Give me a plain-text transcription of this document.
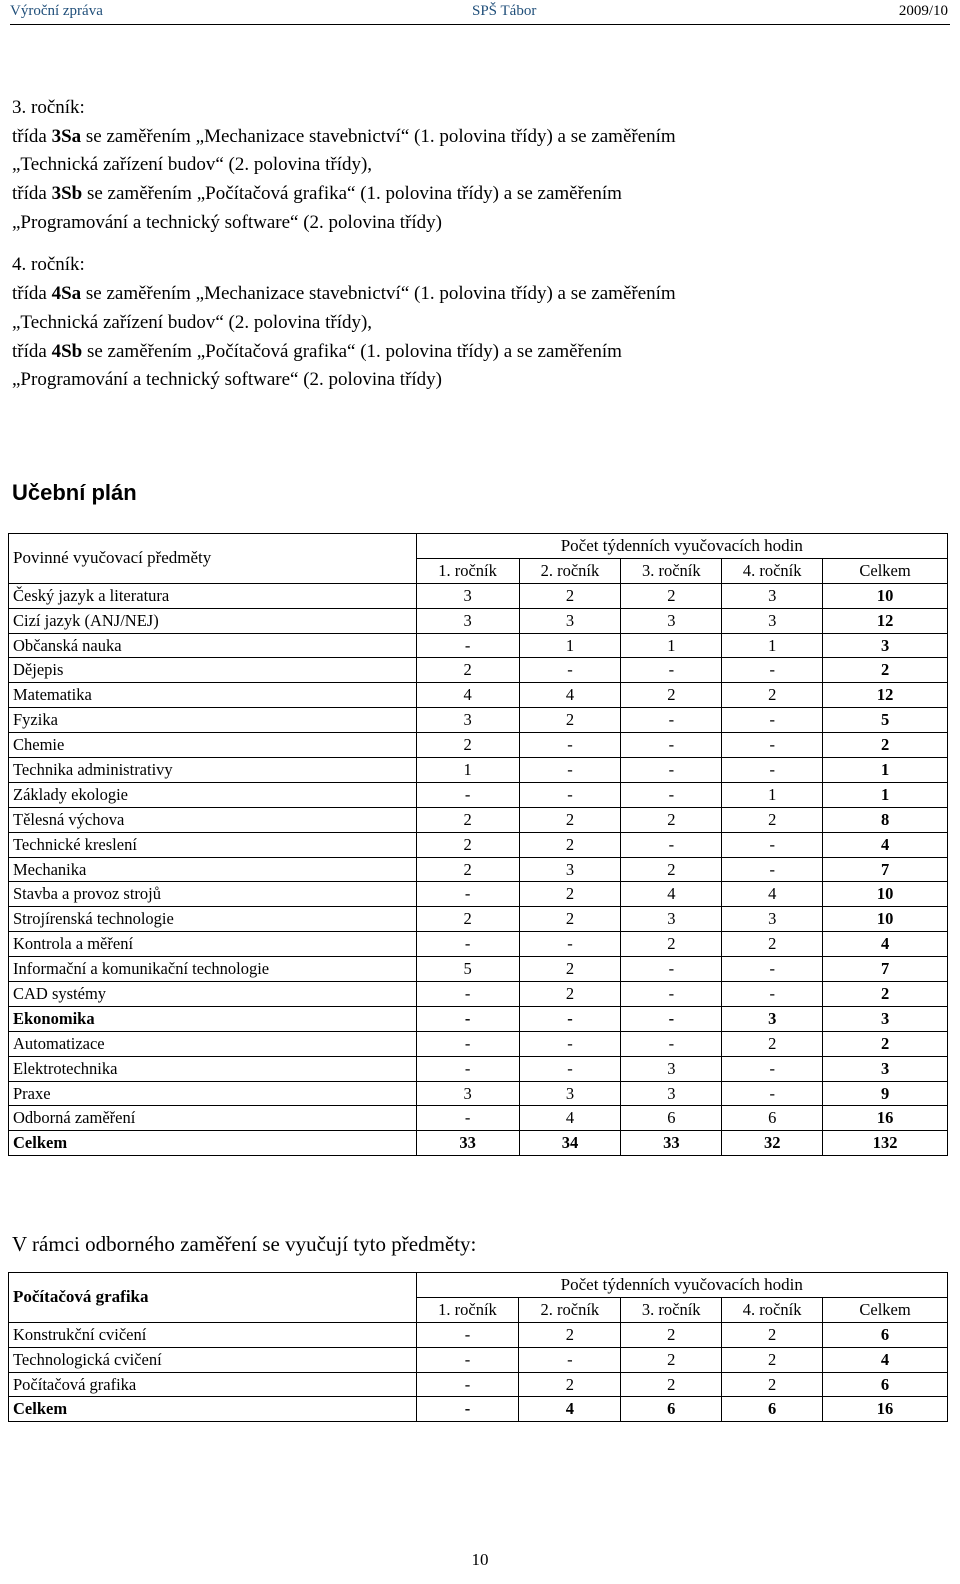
Výroční zpráva	SPŠ Tábor	2009/10
3. ročník:
třída 3Sa se zaměřením „Mechanizace stavebnictví“ (1. polovina třídy) a se zaměřením
„Technická zařízení budov“ (2. polovina třídy),
třída 3Sb se zaměřením „Počítačová grafika“ (1. polovina třídy) a se zaměřením
„Programování a technický software“ (2. polovina třídy)
4. ročník:
třída 4Sa se zaměřením „Mechanizace stavebnictví“ (1. polovina třídy) a se zaměřením
„Technická zařízení budov“ (2. polovina třídy),
třída 4Sb se zaměřením „Počítačová grafika“ (1. polovina třídy) a se zaměřením
„Programování a technický software“ (2. polovina třídy)
Učební plán
Povinné vyučovací předměty	Počet týdenních vyučovacích hodin				
	1. ročník	2. ročník	3. ročník	4. ročník	Celkem
Český jazyk a literatura	3	2	2	3	10
Cizí jazyk (ANJ/NEJ)	3	3	3	3	12
Občanská nauka	-	1	1	1	3
Dějepis	2	-	-	-	2
Matematika	4	4	2	2	12
Fyzika	3	2	-	-	5
Chemie	2	-	-	-	2
Technika administrativy	1	-	-	-	1
Základy ekologie	-	-	-	1	1
Tělesná výchova	2	2	2	2	8
Technické kreslení	2	2	-	-	4
Mechanika	2	3	2	-	7
Stavba a provoz strojů	-	2	4	4	10
Strojírenská technologie	2	2	3	3	10
Kontrola a měření	-	-	2	2	4
Informační a komunikační technologie	5	2	-	-	7
CAD systémy	-	2	-	-	2
Ekonomika	-	-	-	3	3
Automatizace	-	-	-	2	2
Elektrotechnika	-	-	3	-	3
Praxe	3	3	3	-	9
Odborná zaměření	-	4	6	6	16
Celkem	33	34	33	32	132
V rámci odborného zaměření se vyučují tyto předměty:
Počítačová grafika	Počet týdenních vyučovacích hodin				
	1. ročník	2. ročník	3. ročník	4. ročník	Celkem
Konstrukční cvičení	-	2	2	2	6
Technologická cvičení	-	-	2	2	4
Počítačová grafika	-	2	2	2	6
Celkem	-	4	6	6	16
10
